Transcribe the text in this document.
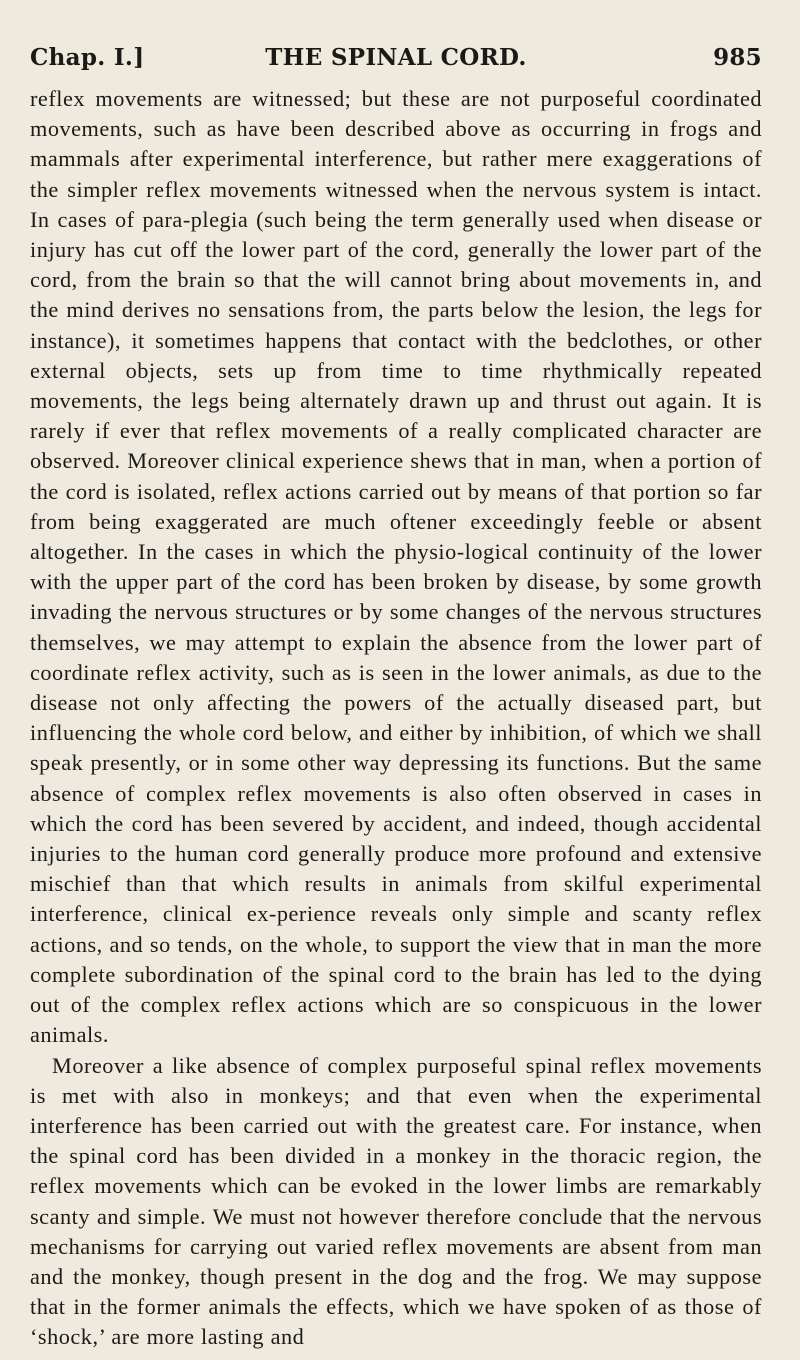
Chap. I.]	THE SPINAL CORD.	985

reflex movements are witnessed; but these are not purposeful coordinated movements, such as have been described above as occurring in frogs and mammals after experimental interference, but rather mere exaggerations of the simpler reflex movements witnessed when the nervous system is intact. In cases of para-plegia (such being the term generally used when disease or injury has cut off the lower part of the cord, generally the lower part of the cord, from the brain so that the will cannot bring about movements in, and the mind derives no sensations from, the parts below the lesion, the legs for instance), it sometimes happens that contact with the bedclothes, or other external objects, sets up from time to time rhythmically repeated movements, the legs being alternately drawn up and thrust out again. It is rarely if ever that reflex movements of a really complicated character are observed. Moreover clinical experience shews that in man, when a portion of the cord is isolated, reflex actions carried out by means of that portion so far from being exaggerated are much oftener exceedingly feeble or absent altogether. In the cases in which the physio-logical continuity of the lower with the upper part of the cord has been broken by disease, by some growth invading the nervous structures or by some changes of the nervous structures themselves, we may attempt to explain the absence from the lower part of coordinate reflex activity, such as is seen in the lower animals, as due to the disease not only affecting the powers of the actually diseased part, but influencing the whole cord below, and either by inhibition, of which we shall speak presently, or in some other way depressing its functions. But the same absence of complex reflex movements is also often observed in cases in which the cord has been severed by accident, and indeed, though accidental injuries to the human cord generally produce more profound and extensive mischief than that which results in animals from skilful experimental interference, clinical ex-perience reveals only simple and scanty reflex actions, and so tends, on the whole, to support the view that in man the more complete subordination of the spinal cord to the brain has led to the dying out of the complex reflex actions which are so conspicuous in the lower animals.

Moreover a like absence of complex purposeful spinal reflex movements is met with also in monkeys; and that even when the experimental interference has been carried out with the greatest care. For instance, when the spinal cord has been divided in a monkey in the thoracic region, the reflex movements which can be evoked in the lower limbs are remarkably scanty and simple. We must not however therefore conclude that the nervous mechanisms for carrying out varied reflex movements are absent from man and the monkey, though present in the dog and the frog. We may suppose that in the former animals the effects, which we have spoken of as those of ‘shock,’ are more lasting and
